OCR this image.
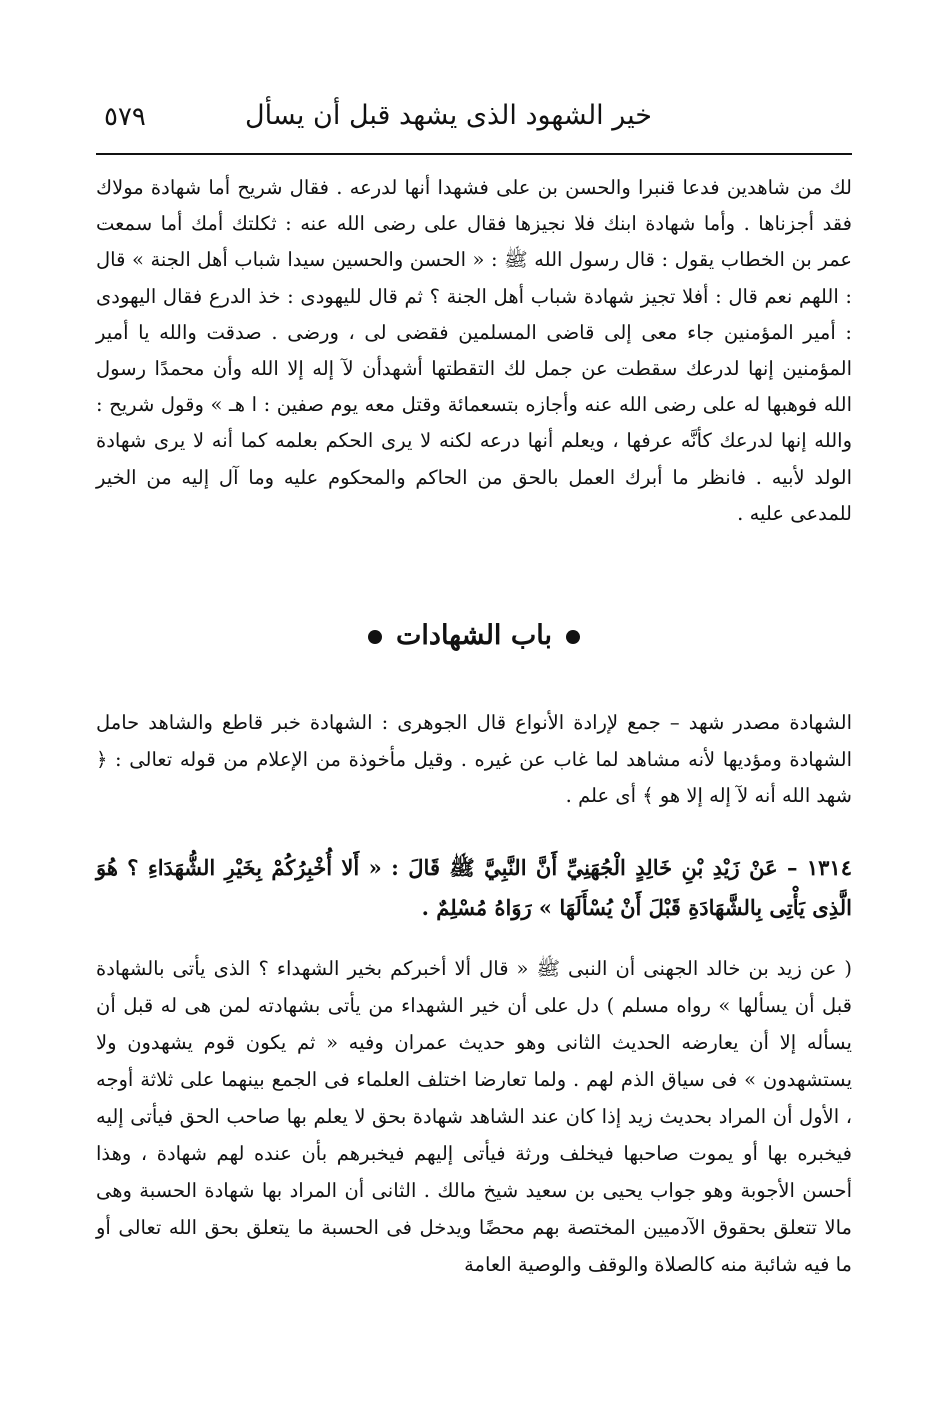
خير الشهود الذى يشهد قبل أن يسأل
٥٧٩
لك من شاهدين فدعا قنبرا والحسن بن على فشهدا أنها لدرعه . فقال شريح أما شهادة مولاك فقد أجزناها . وأما شهادة ابنك فلا نجيزها فقال على رضى الله عنه : ثكلتك أمك أما سمعت عمر بن الخطاب يقول : قال رسول الله ﷺ : « الحسن والحسين سيدا شباب أهل الجنة » قال : اللهم نعم قال : أفلا تجيز شهادة شباب أهل الجنة ؟ ثم قال لليهودى : خذ الدرع فقال اليهودى : أمير المؤمنين جاء معى إلى قاضى المسلمين فقضى لى ، ورضى . صدقت والله يا أمير المؤمنين إنها لدرعك سقطت عن جمل لك التقطتها أشهدأن لآ إله إلا الله وأن محمدًا رسول الله فوهبها له على رضى الله عنه وأجازه بتسعمائة وقتل معه يوم صفين : ا هـ » وقول شريح : والله إنها لدرعك كأنَّه عرفها ، ويعلم أنها درعه لكنه لا يرى الحكم بعلمه كما أنه لا يرى شهادة الولد لأبيه . فانظر ما أبرك العمل بالحق من الحاكم والمحكوم عليه وما آل إليه من الخير للمدعى عليه .
باب الشهادات
الشهادة مصدر شهد – جمع لإرادة الأنواع قال الجوهرى : الشهادة خبر قاطع والشاهد حامل الشهادة ومؤديها لأنه مشاهد لما غاب عن غيره . وقيل مأخوذة من الإعلام من قوله تعالى : ﴿ شهد الله أنه لآ إله إلا هو ﴾ أى علم .
١٣١٤ – عَنْ زَيْدِ بْنِ خَالِدٍ الْجُهَنِيِّ أَنَّ النَّبِيَّ ﷺ قَالَ : « أَلا أُخْبِرُكُمْ بِخَيْرِ الشُّهَدَاءِ ؟ هُوَ الَّذِى يَأْتِى بِالشَّهَادَةِ قَبْلَ أَنْ يُسْأَلَهَا » رَوَاهُ مُسْلِمٌ .
( عن زيد بن خالد الجهنى أن النبى ﷺ « قال ألا أخبركم بخير الشهداء ؟ الذى يأتى بالشهادة قبل أن يسألها » رواه مسلم ) دل على أن خير الشهداء من يأتى بشهادته لمن هى له قبل أن يسأله إلا أن يعارضه الحديث الثانى وهو حديث عمران وفيه « ثم يكون قوم يشهدون ولا يستشهدون » فى سياق الذم لهم . ولما تعارضا اختلف العلماء فى الجمع بينهما على ثلاثة أوجه ، الأول أن المراد بحديث زيد إذا كان عند الشاهد شهادة بحق لا يعلم بها صاحب الحق فيأتى إليه فيخبره بها أو يموت صاحبها فيخلف ورثة فيأتى إليهم فيخبرهم بأن عنده لهم شهادة ، وهذا أحسن الأجوبة وهو جواب يحيى بن سعيد شيخ مالك . الثانى أن المراد بها شهادة الحسبة وهى مالا تتعلق بحقوق الآدميين المختصة بهم محضًا ويدخل فى الحسبة ما يتعلق بحق الله تعالى أو ما فيه شائبة منه كالصلاة والوقف والوصية العامة
